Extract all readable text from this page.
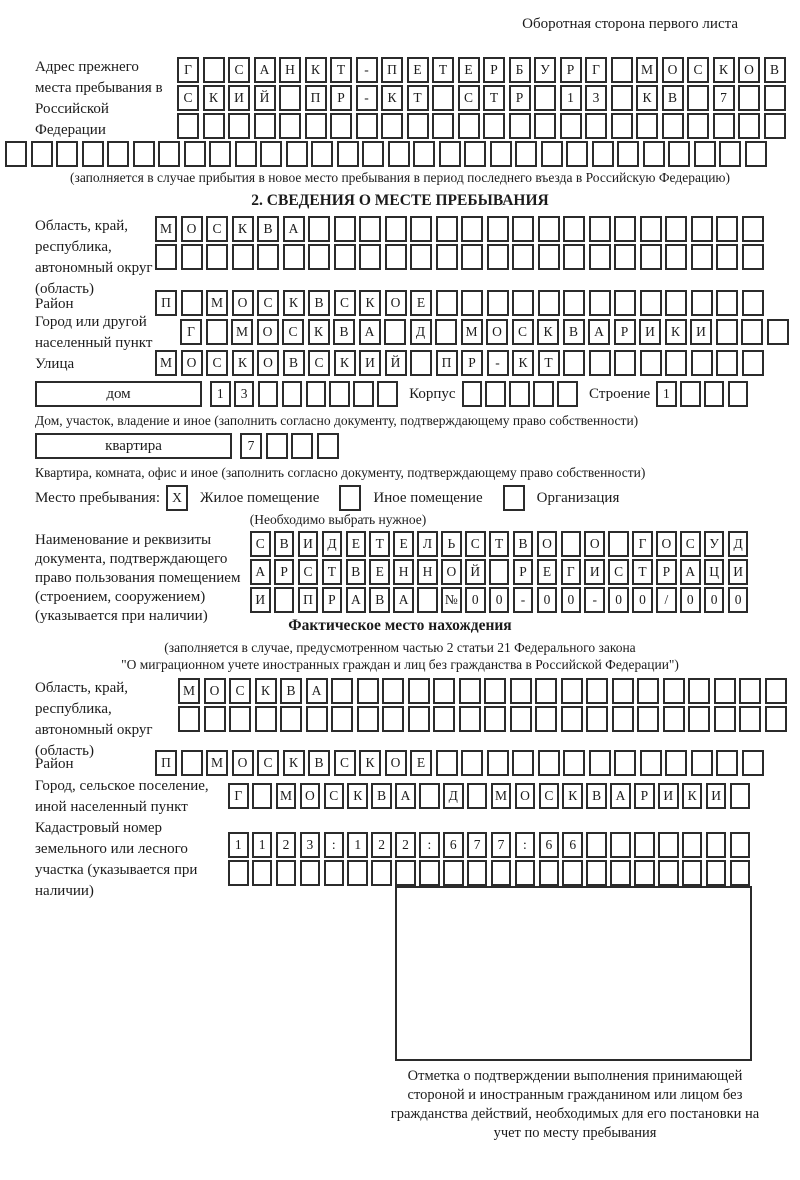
Оборотная сторона первого листа
Адрес прежнего места пребывания в Российской Федерации
Г	С	А	Н	К	Т	-	П	Е	Т	Е	Р	Б	У	Р	Г	М	О	С	К	О	В
С	К	И	Й	П	Р	-	К	Т	С	Т	Р	1	3	К	В	7
(заполняется в случае прибытия в новое место пребывания в период последнего въезда в Российскую Федерацию)
2. СВЕДЕНИЯ О МЕСТЕ ПРЕБЫВАНИЯ
Область, край, республика, автономный округ (область)
М	О	С	К	В	А
Район	П	М	О	С	К	В	С	К	О	Е
Город или другой населенный пункт
Г	М	О	С	К	В	А	Д	М	О	С	К	В	А	Р	И	К	И
Улица	М	О	С	К	О	В	С	К	И	Й	П	Р	-	К	Т
дом	1	3	Корпус	Строение 1
Дом, участок, владение и иное (заполнить согласно документу, подтверждающему право собственности)
квартира	7
Квартира, комната, офис и иное (заполнить согласно документу, подтверждающему право собственности)
Место пребывания: X	Жилое помещение	Иное помещение	Организация
(Необходимо выбрать нужное)
Наименование и реквизиты документа, подтверждающего право пользования помещением (строением, сооружением) (указывается при наличии)
С	В	И	Д	Е	Т	Е	Л	Ь	С	Т	В	О	О	Г	О	С	У	Д
А	Р	С	Т	В	Е	Н	Н	О	Й	Р	Е	Г	И	С	Т	Р	А	Ц	И
И	П	Р	А	В	А	№	0	0	-	0	0	-	0	0	/	0	0	0
Фактическое место нахождения
(заполняется в случае, предусмотренном частью 2 статьи 21 Федерального закона
"О миграционном учете иностранных граждан и лиц без гражданства в Российской Федерации")
Область, край, республика, автономный округ (область)
М	О	С	К	В	А
Район	П	М	О	С	К	В	С	К	О	Е
Город, сельское поселение, иной населенный пункт
Г	М О	С	К	В	А	Д	М О	С	К	В	А	Р	И	К	И
Кадастровый номер земельного или лесного участка (указывается при наличии)
1	1	2	3	:	1	2	2	:	6	7	7	:	6	6
Отметка о подтверждении выполнения принимающей стороной и иностранным гражданином или лицом без гражданства действий, необходимых для его постановки на учет по месту пребывания
